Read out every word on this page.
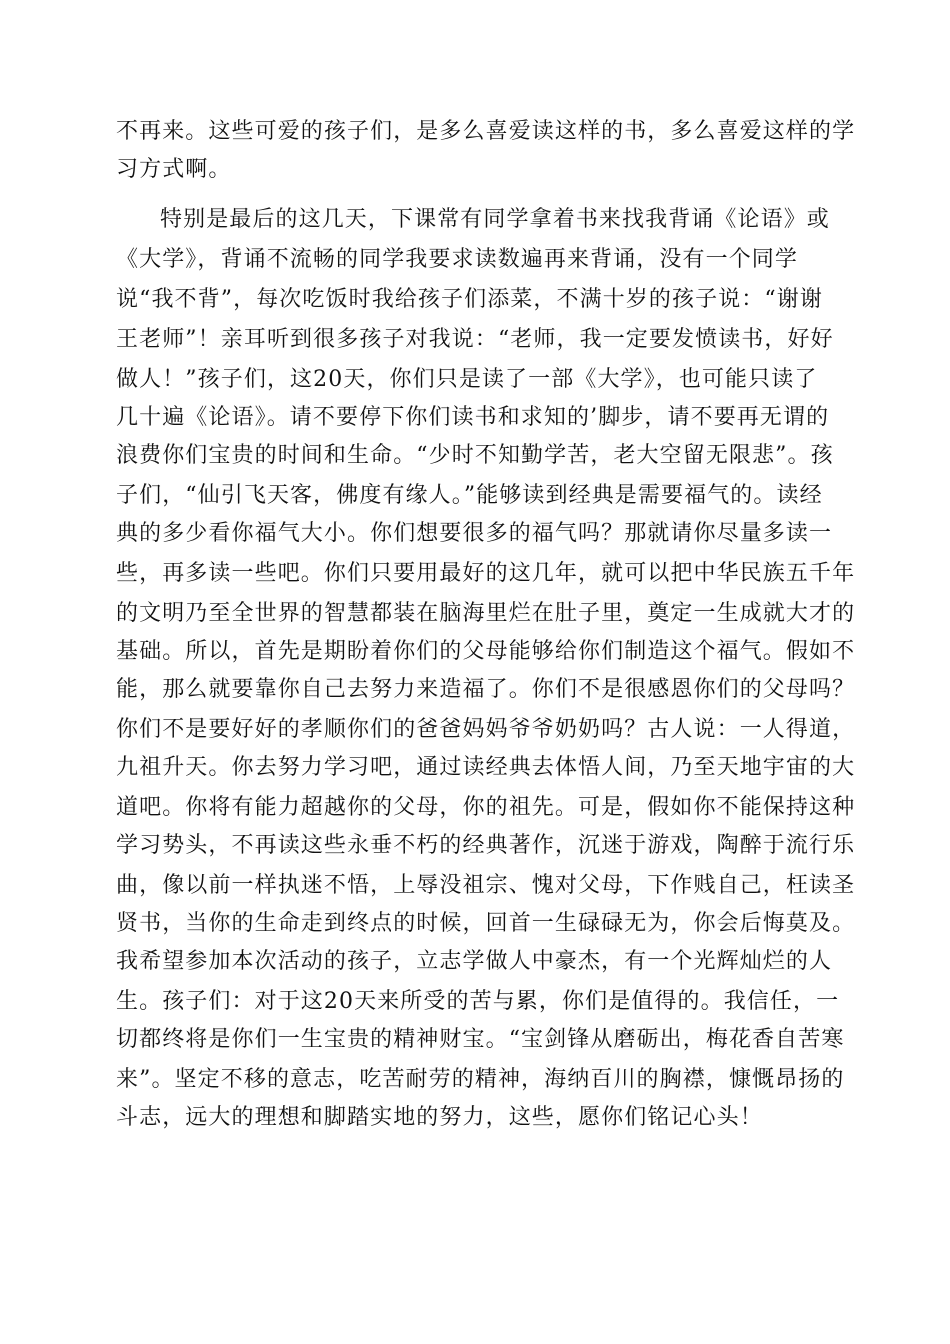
不再来。这些可爱的孩子们，是多么喜爱读这样的书，多么喜爱这样的学
习方式啊。
特别是最后的这几天，下课常有同学拿着书来找我背诵《论语》或
《大学》，背诵不流畅的同学我要求读数遍再来背诵，没有一个同学
说“我不背”，每次吃饭时我给孩子们添菜，不满十岁的孩子说：“谢谢
王老师”！亲耳听到很多孩子对我说：“老师，我一定要发愤读书，好好
做人！”孩子们，这20天，你们只是读了一部《大学》，也可能只读了
几十遍《论语》。请不要停下你们读书和求知的’脚步，请不要再无谓的
浪费你们宝贵的时间和生命。“少时不知勤学苦，老大空留无限悲”。孩
子们，“仙引飞天客，佛度有缘人。”能够读到经典是需要福气的。读经
典的多少看你福气大小。你们想要很多的福气吗？那就请你尽量多读一
些，再多读一些吧。你们只要用最好的这几年，就可以把中华民族五千年
的文明乃至全世界的智慧都装在脑海里烂在肚子里，奠定一生成就大才的
基础。所以，首先是期盼着你们的父母能够给你们制造这个福气。假如不
能，那么就要靠你自己去努力来造福了。你们不是很感恩你们的父母吗？
你们不是要好好的孝顺你们的爸爸妈妈爷爷奶奶吗？古人说：一人得道，
九祖升天。你去努力学习吧，通过读经典去体悟人间，乃至天地宇宙的大
道吧。你将有能力超越你的父母，你的祖先。可是，假如你不能保持这种
学习势头，不再读这些永垂不朽的经典著作，沉迷于游戏，陶醉于流行乐
曲，像以前一样执迷不悟，上辱没祖宗、愧对父母，下作贱自己，枉读圣
贤书，当你的生命走到终点的时候，回首一生碌碌无为，你会后悔莫及。
我希望参加本次活动的孩子，立志学做人中豪杰，有一个光辉灿烂的人
生。孩子们：对于这20天来所受的苦与累，你们是值得的。我信任，一
切都终将是你们一生宝贵的精神财宝。“宝剑锋从磨砺出，梅花香自苦寒
来”。坚定不移的意志，吃苦耐劳的精神，海纳百川的胸襟，慷慨昂扬的
斗志，远大的理想和脚踏实地的努力，这些，愿你们铭记心头！
